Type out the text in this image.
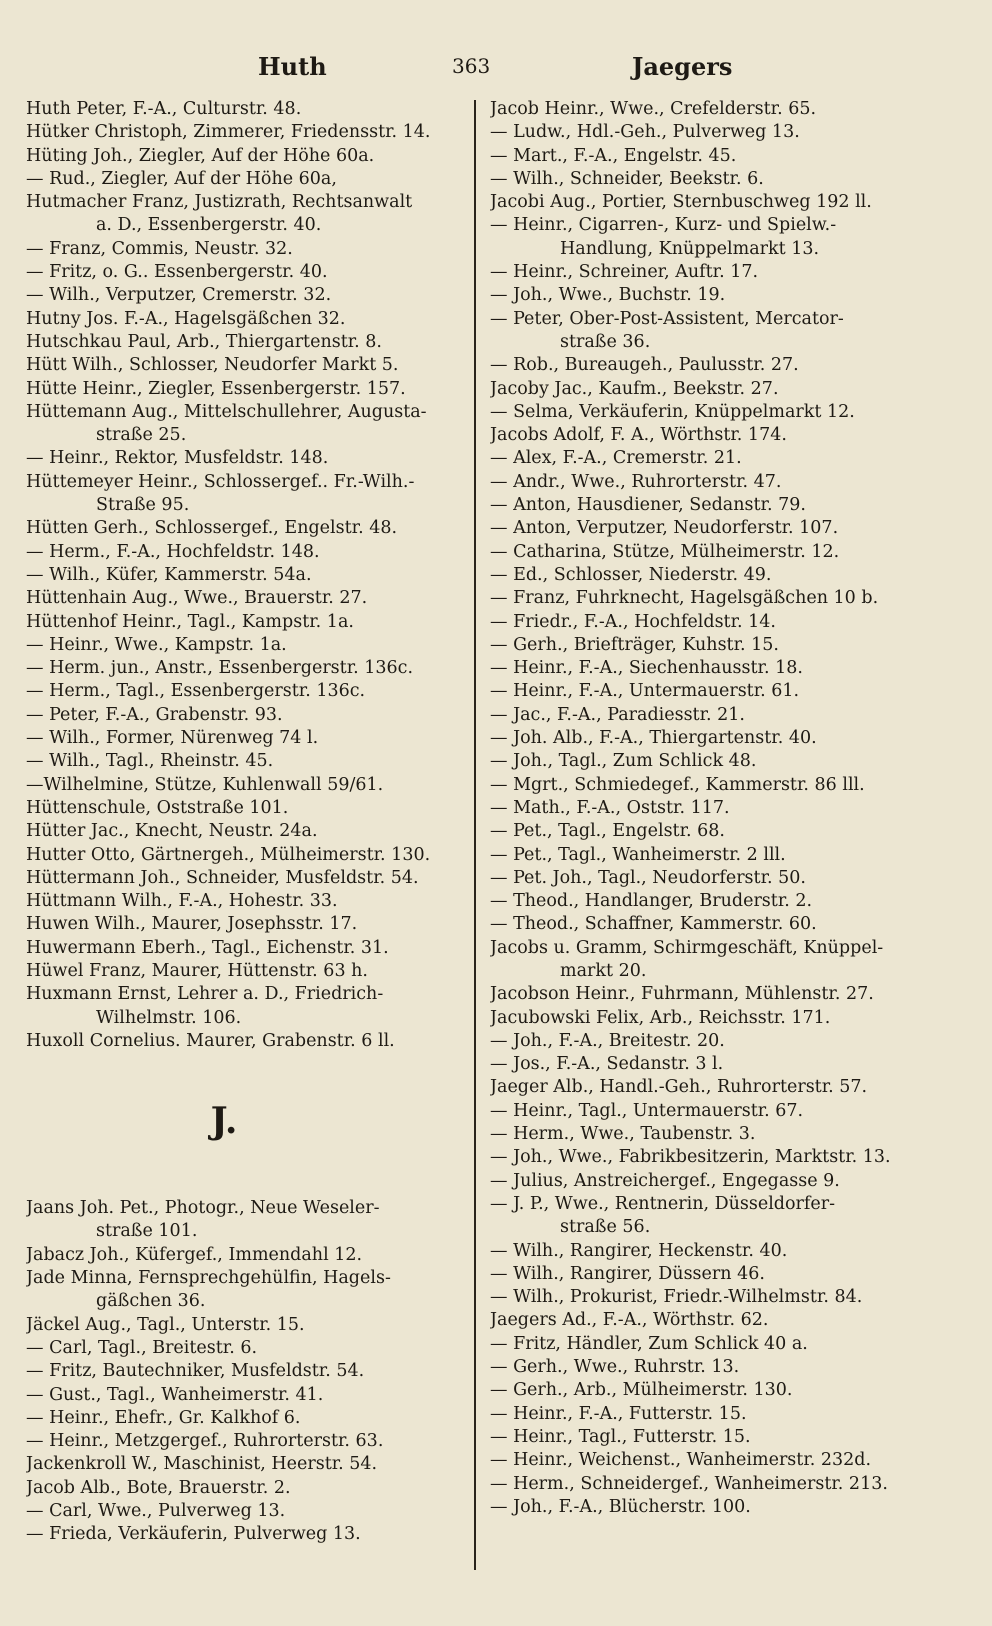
Huth	363	Jaegers
Huth Peter, F.-A., Culturstr. 48.
Hütker Christoph, Zimmerer, Friedensstr. 14.
Hüting Joh., Ziegler, Auf der Höhe 60a.
— Rud., Ziegler, Auf der Höhe 60a,
Hutmacher Franz, Justizrath, Rechtsanwalt
a. D., Essenbergerstr. 40.
— Franz, Commis, Neustr. 32.
— Fritz, o. G.. Essenbergerstr. 40.
— Wilh., Verputzer, Cremerstr. 32.
Hutny Jos. F.-A., Hagelsgäßchen 32.
Hutschkau Paul, Arb., Thiergartenstr. 8.
Hütt Wilh., Schlosser, Neudorfer Markt 5.
Hütte Heinr., Ziegler, Essenbergerstr. 157.
Hüttemann Aug., Mittelschullehrer, Augusta-
straße 25.
— Heinr., Rektor, Musfeldstr. 148.
Hüttemeyer Heinr., Schlossergef.. Fr.-Wilh.-
Straße 95.
Hütten Gerh., Schlossergef., Engelstr. 48.
— Herm., F.-A., Hochfeldstr. 148.
— Wilh., Küfer, Kammerstr. 54a.
Hüttenhain Aug., Wwe., Brauerstr. 27.
Hüttenhof Heinr., Tagl., Kampstr. 1a.
— Heinr., Wwe., Kampstr. 1a.
— Herm. jun., Anstr., Essenbergerstr. 136c.
— Herm., Tagl., Essenbergerstr. 136c.
— Peter, F.-A., Grabenstr. 93.
— Wilh., Former, Nürenweg 74 l.
— Wilh., Tagl., Rheinstr. 45.
—Wilhelmine, Stütze, Kuhlenwall 59/61.
Hüttenschule, Oststraße 101.
Hütter Jac., Knecht, Neustr. 24a.
Hutter Otto, Gärtnergeh., Mülheimerstr. 130.
Hüttermann Joh., Schneider, Musfeldstr. 54.
Hüttmann Wilh., F.-A., Hohestr. 33.
Huwen Wilh., Maurer, Josephsstr. 17.
Huwermann Eberh., Tagl., Eichenstr. 31.
Hüwel Franz, Maurer, Hüttenstr. 63 h.
Huxmann Ernst, Lehrer a. D., Friedrich-
Wilhelmstr. 106.
Huxoll Cornelius. Maurer, Grabenstr. 6 ll.
J.
Jaans Joh. Pet., Photogr., Neue Weseler-
straße 101.
Jabacz Joh., Küfergef., Immendahl 12.
Jade Minna, Fernsprechgehülfin, Hagels-
gäßchen 36.
Jäckel Aug., Tagl., Unterstr. 15.
— Carl, Tagl., Breitestr. 6.
— Fritz, Bautechniker, Musfeldstr. 54.
— Gust., Tagl., Wanheimerstr. 41.
— Heinr., Ehefr., Gr. Kalkhof 6.
— Heinr., Metzgergef., Ruhrorterstr. 63.
Jackenkroll W., Maschinist, Heerstr. 54.
Jacob Alb., Bote, Brauerstr. 2.
— Carl, Wwe., Pulverweg 13.
— Frieda, Verkäuferin, Pulverweg 13.
Jacob Heinr., Wwe., Crefelderstr. 65.
— Ludw., Hdl.-Geh., Pulverweg 13.
— Mart., F.-A., Engelstr. 45.
— Wilh., Schneider, Beekstr. 6.
Jacobi Aug., Portier, Sternbuschweg 192 ll.
— Heinr., Cigarren-, Kurz- und Spielw.-
Handlung, Knüppelmarkt 13.
— Heinr., Schreiner, Auftr. 17.
— Joh., Wwe., Buchstr. 19.
— Peter, Ober-Post-Assistent, Mercator-
straße 36.
— Rob., Bureaugeh., Paulusstr. 27.
Jacoby Jac., Kaufm., Beekstr. 27.
— Selma, Verkäuferin, Knüppelmarkt 12.
Jacobs Adolf, F. A., Wörthstr. 174.
— Alex, F.-A., Cremerstr. 21.
— Andr., Wwe., Ruhrorterstr. 47.
— Anton, Hausdiener, Sedanstr. 79.
— Anton, Verputzer, Neudorferstr. 107.
— Catharina, Stütze, Mülheimerstr. 12.
— Ed., Schlosser, Niederstr. 49.
— Franz, Fuhrknecht, Hagelsgäßchen 10 b.
— Friedr., F.-A., Hochfeldstr. 14.
— Gerh., Briefträger, Kuhstr. 15.
— Heinr., F.-A., Siechenhausstr. 18.
— Heinr., F.-A., Untermauerstr. 61.
— Jac., F.-A., Paradiesstr. 21.
— Joh. Alb., F.-A., Thiergartenstr. 40.
— Joh., Tagl., Zum Schlick 48.
— Mgrt., Schmiedegef., Kammerstr. 86 lll.
— Math., F.-A., Oststr. 117.
— Pet., Tagl., Engelstr. 68.
— Pet., Tagl., Wanheimerstr. 2 lll.
— Pet. Joh., Tagl., Neudorferstr. 50.
— Theod., Handlanger, Bruderstr. 2.
— Theod., Schaffner, Kammerstr. 60.
Jacobs u. Gramm, Schirmgeschäft, Knüppel-
markt 20.
Jacobson Heinr., Fuhrmann, Mühlenstr. 27.
Jacubowski Felix, Arb., Reichsstr. 171.
— Joh., F.-A., Breitestr. 20.
— Jos., F.-A., Sedanstr. 3 l.
Jaeger Alb., Handl.-Geh., Ruhrorterstr. 57.
— Heinr., Tagl., Untermauerstr. 67.
— Herm., Wwe., Taubenstr. 3.
— Joh., Wwe., Fabrikbesitzerin, Marktstr. 13.
— Julius, Anstreichergef., Engegasse 9.
— J. P., Wwe., Rentnerin, Düsseldorfer-
straße 56.
— Wilh., Rangirer, Heckenstr. 40.
— Wilh., Rangirer, Düssern 46.
— Wilh., Prokurist, Friedr.-Wilhelmstr. 84.
Jaegers Ad., F.-A., Wörthstr. 62.
— Fritz, Händler, Zum Schlick 40 a.
— Gerh., Wwe., Ruhrstr. 13.
— Gerh., Arb., Mülheimerstr. 130.
— Heinr., F.-A., Futterstr. 15.
— Heinr., Tagl., Futterstr. 15.
— Heinr., Weichenst., Wanheimerstr. 232d.
— Herm., Schneidergef., Wanheimerstr. 213.
— Joh., F.-A., Blücherstr. 100.
